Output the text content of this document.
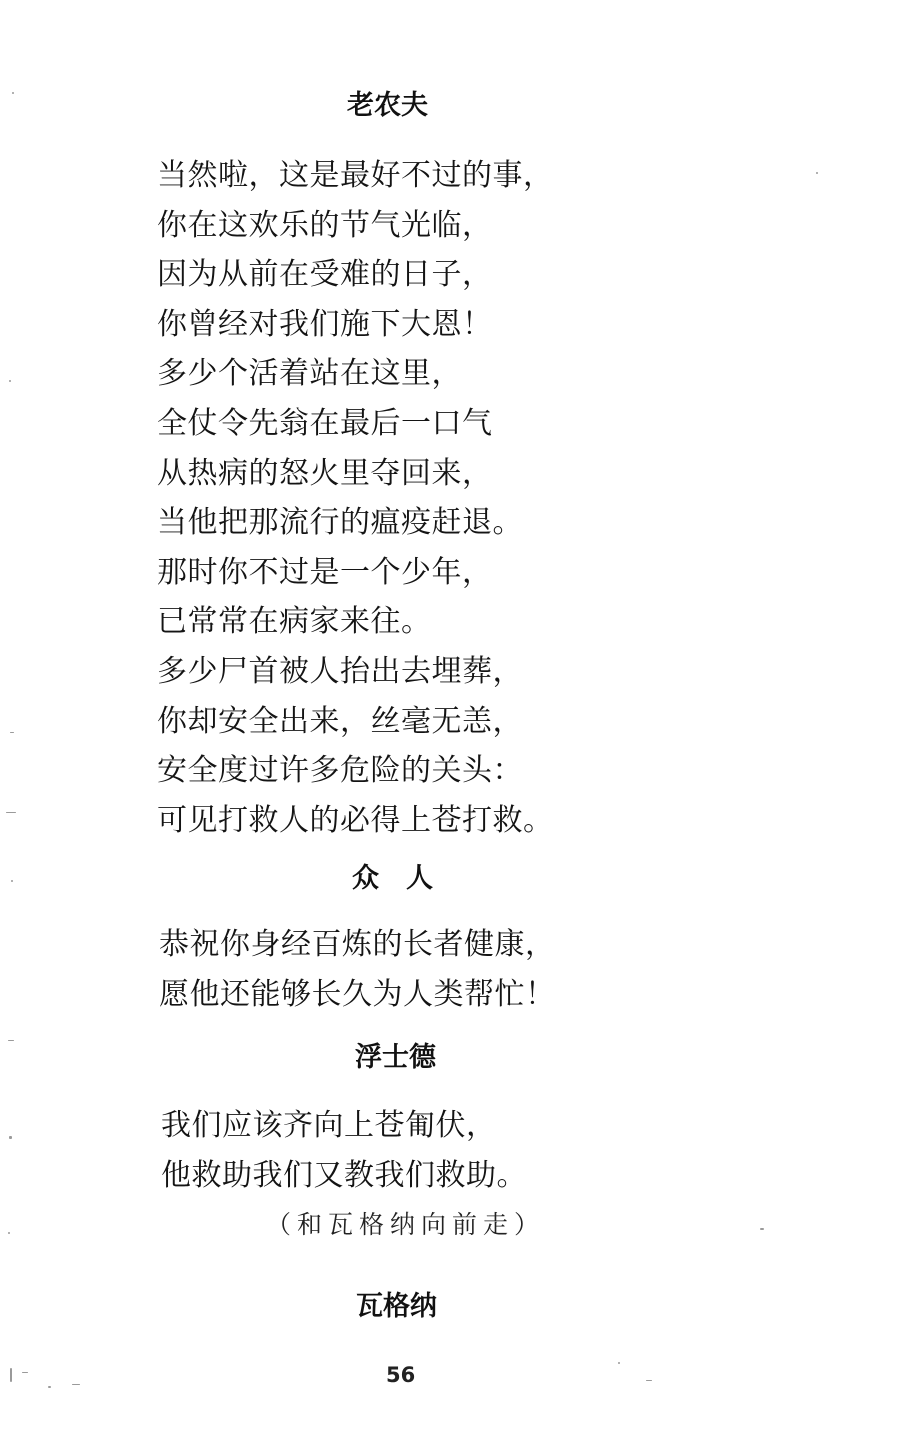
老农夫
当然啦，这是最好不过的事，
你在这欢乐的节气光临，
因为从前在受难的日子，
你曾经对我们施下大恩！
多少个活着站在这里，
全仗令先翁在最后一口气
从热病的怒火里夺回来，
当他把那流行的瘟疫赶退。
那时你不过是一个少年，
已常常在病家来往。
多少尸首被人抬出去埋葬，
你却安全出来，丝毫无恙，
安全度过许多危险的关头：
可见打救人的必得上苍打救。
众　人
恭祝你身经百炼的长者健康，
愿他还能够长久为人类帮忙！
浮士德
我们应该齐向上苍匍伏，
他救助我们又教我们救助。
（和瓦格纳向前走）
瓦格纳
56
